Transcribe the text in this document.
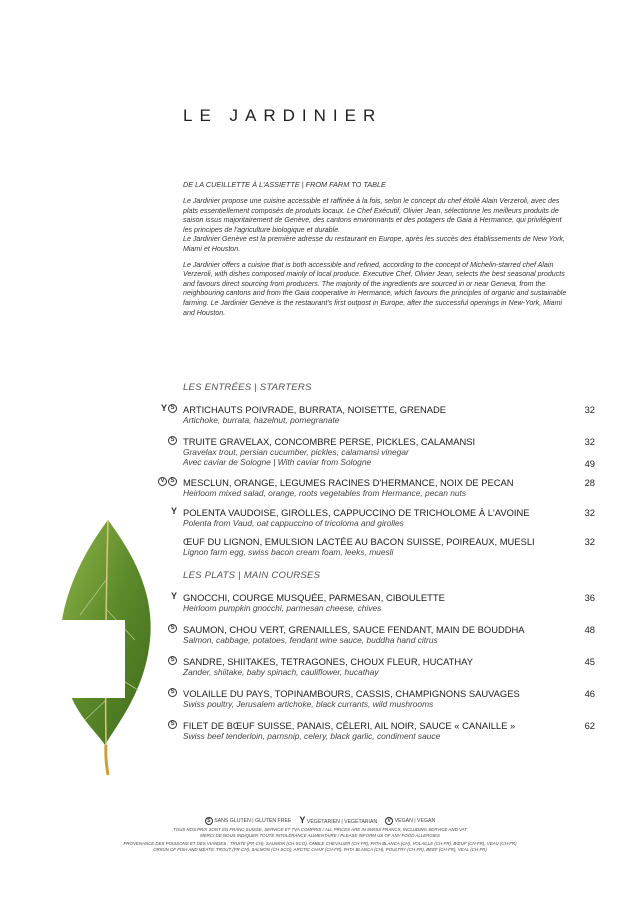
LE JARDINIER
DE LA CUEILLETTE À L'ASSIETTE | FROM FARM TO TABLE

Le Jardinier propose une cuisine accessible et raffinée à la fois, selon le concept du chef étoilé Alain Verzeroli, avec des plats essentiellement composés de produits locaux. Le Chef Exécutif, Olivier Jean, sélectionne les meilleurs produits de saison issus majoritairement de Genève, des cantons environnants et des potagers de Gaia à Hermance, qui privilégient les principes de l'agriculture biologique et durable.
Le Jardinier Genève est la première adresse du restaurant en Europe, après les succès des établissements de New York, Miami et Houston.

Le Jardinier offers a cuisine that is both accessible and refined, according to the concept of Michelin-starred chef Alain Verzeroli, with dishes composed mainly of local produce. Executive Chef, Olivier Jean, selects the best seasonal products and favours direct sourcing from producers. The majority of the ingredients are sourced in or near Geneva, from the neighbouring cantons and from the Gaia cooperative in Hermance, which favours the principles of organic and sustainable farming. Le Jardinier Genève is the restaurant's first outpost in Europe, after the successful openings in New-York, Miami and Houston.

LES ENTRÉES | STARTERS
Y S ARTICHAUTS POIVRADE, BURRATA, NOISETTE, GRENADE
Artichoke, burrata, hazelnut, pomegranate
32
S TRUITE GRAVELAX, CONCOMBRE PERSE, PICKLES, CALAMANSI
Gravelax trout, persian cucumber, pickles, calamansi vinegar
Avec caviar de Sologne | With caviar from Sologne
32
49
V S MESCLUN, ORANGE, LEGUMES RACINES D'HERMANCE, NOIX DE PECAN
Heirloom mixed salad, orange, roots vegetables from Hermance, pecan nuts
28
Y POLENTA VAUDOISE, GIROLLES, CAPPUCCINO DE TRICHOLOME À L'AVOINE
Polenta from Vaud, oat cappuccino of tricoloma and girolles
32
ŒUF DU LIGNON, EMULSION LACTÉE AU BACON SUISSE, POIREAUX, MUESLI
Lignon farm egg, swiss bacon cream foam, leeks, muesli
32
LES PLATS | MAIN COURSES
Y GNOCCHI, COURGE MUSQUÉE, PARMESAN, CIBOULETTE
Heirloom pumpkin gnocchi, parmesan cheese, chives
36
S SAUMON, CHOU VERT, GRENAILLES, SAUCE FENDANT, MAIN DE BOUDDHA
Salmon, cabbage, potatoes, fendant wine sauce, buddha hand citrus
48
S SANDRE, SHIITAKES, TETRAGONES, CHOUX FLEUR, HUCATHAY
Zander, shiitake, baby spinach, cauliflower, hucathay
45
S VOLAILLE DU PAYS, TOPINAMBOURS, CASSIS, CHAMPIGNONS SAUVAGES
Swiss poultry, Jerusalem artichoke, black currants, wild mushrooms
46
S FILET DE BŒUF SUISSE, PANAIS, CÉLERI, AIL NOIR, SAUCE « CANAILLE »
Swiss beef tenderloin, parnsnip, celery, black garlic, condiment sauce
62
S SANS GLUTEN | GLUTEN FREE Y VÉGÉTARIEN | VEGETARIAN	V VEGAN | VEGAN
TOUS NOS PRIX SONT EN FRANC SUISSE, SERVICE ET TVA COMPRIS / ALL PRICES ARE IN SWISS FRANCS, INCLUDING SERVICE AND VAT
MERCI DE NOUS INDIQUER TOUTE INTOLÉRANCE ALIMENTAIRE / PLEASE INFORM US OF ANY FOOD ALLERGIES
PROVENANCE DES POISSONS ET DES VIANDES : TRUITE (FR-CH), SAUMON (CH-SCO), OMBLE CHEVALIER (CH-FR), PATA BLANCA (CH), VOLAILLE (CH-FR), BŒUF (CH-FR), VEAU (CH-FR)
ORIGIN OF FISH AND MEATS: TROUT (FR-CH), SALMON (CH-SCO), ARCTIC CHAR (CH-FR), PATA BLANCA (CH), POULTRY (CH-FR), BEEF (CH-FR), VEAL (CH-FR)
